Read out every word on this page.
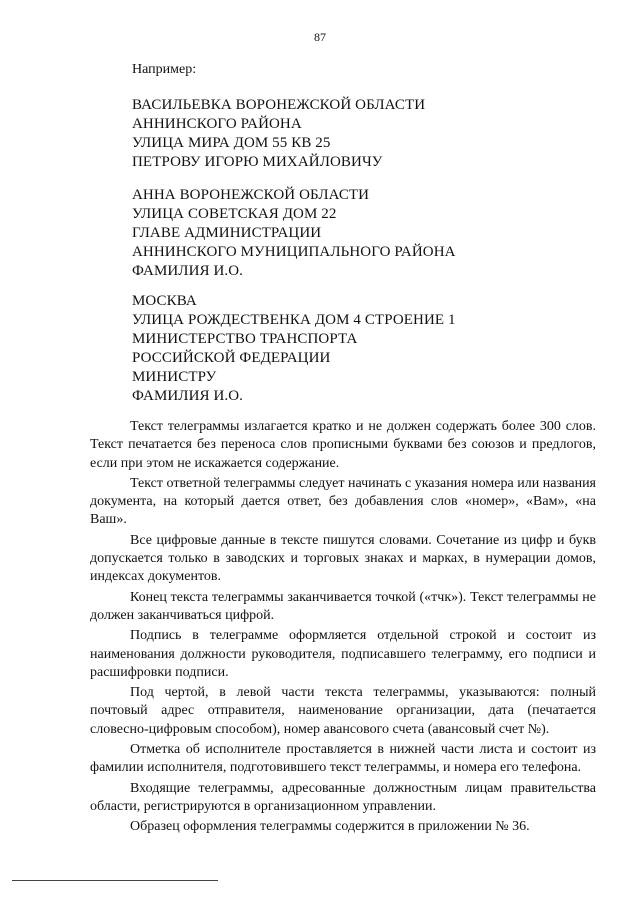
87
Например:
ВАСИЛЬЕВКА ВОРОНЕЖСКОЙ ОБЛАСТИ
АННИНСКОГО РАЙОНА
УЛИЦА МИРА ДОМ 55 КВ 25
ПЕТРОВУ ИГОРЮ МИХАЙЛОВИЧУ
АННА ВОРОНЕЖСКОЙ ОБЛАСТИ
УЛИЦА СОВЕТСКАЯ ДОМ 22
ГЛАВЕ АДМИНИСТРАЦИИ
АННИНСКОГО МУНИЦИПАЛЬНОГО РАЙОНА
ФАМИЛИЯ И.О.
МОСКВА
УЛИЦА РОЖДЕСТВЕНКА ДОМ 4 СТРОЕНИЕ 1
МИНИСТЕРСТВО ТРАНСПОРТА
РОССИЙСКОЙ ФЕДЕРАЦИИ
МИНИСТРУ
ФАМИЛИЯ И.О.

Текст телеграммы излагается кратко и не должен содержать более 300 слов. Текст печатается без переноса слов прописными буквами без союзов и предлогов, если при этом не искажается содержание.

Текст ответной телеграммы следует начинать с указания номера или названия документа, на который дается ответ, без добавления слов «номер», «Вам», «на Ваш».

Все цифровые данные в тексте пишутся словами. Сочетание из цифр и букв допускается только в заводских и торговых знаках и марках, в нумерации домов, индексах документов.

Конец текста телеграммы заканчивается точкой («тчк»). Текст телеграммы не должен заканчиваться цифрой.

Подпись в телеграмме оформляется отдельной строкой и состоит из наименования должности руководителя, подписавшего телеграмму, его подписи и расшифровки подписи.

Под чертой, в левой части текста телеграммы, указываются: полный почтовый адрес отправителя, наименование организации, дата (печатается словесно-цифровым способом), номер авансового счета (авансовый счет №).

Отметка об исполнителе проставляется в нижней части листа и состоит из фамилии исполнителя, подготовившего текст телеграммы, и номера его телефона.

Входящие телеграммы, адресованные должностным лицам правительства области, регистрируются в организационном управлении.

Образец оформления телеграммы содержится в приложении № 36.
